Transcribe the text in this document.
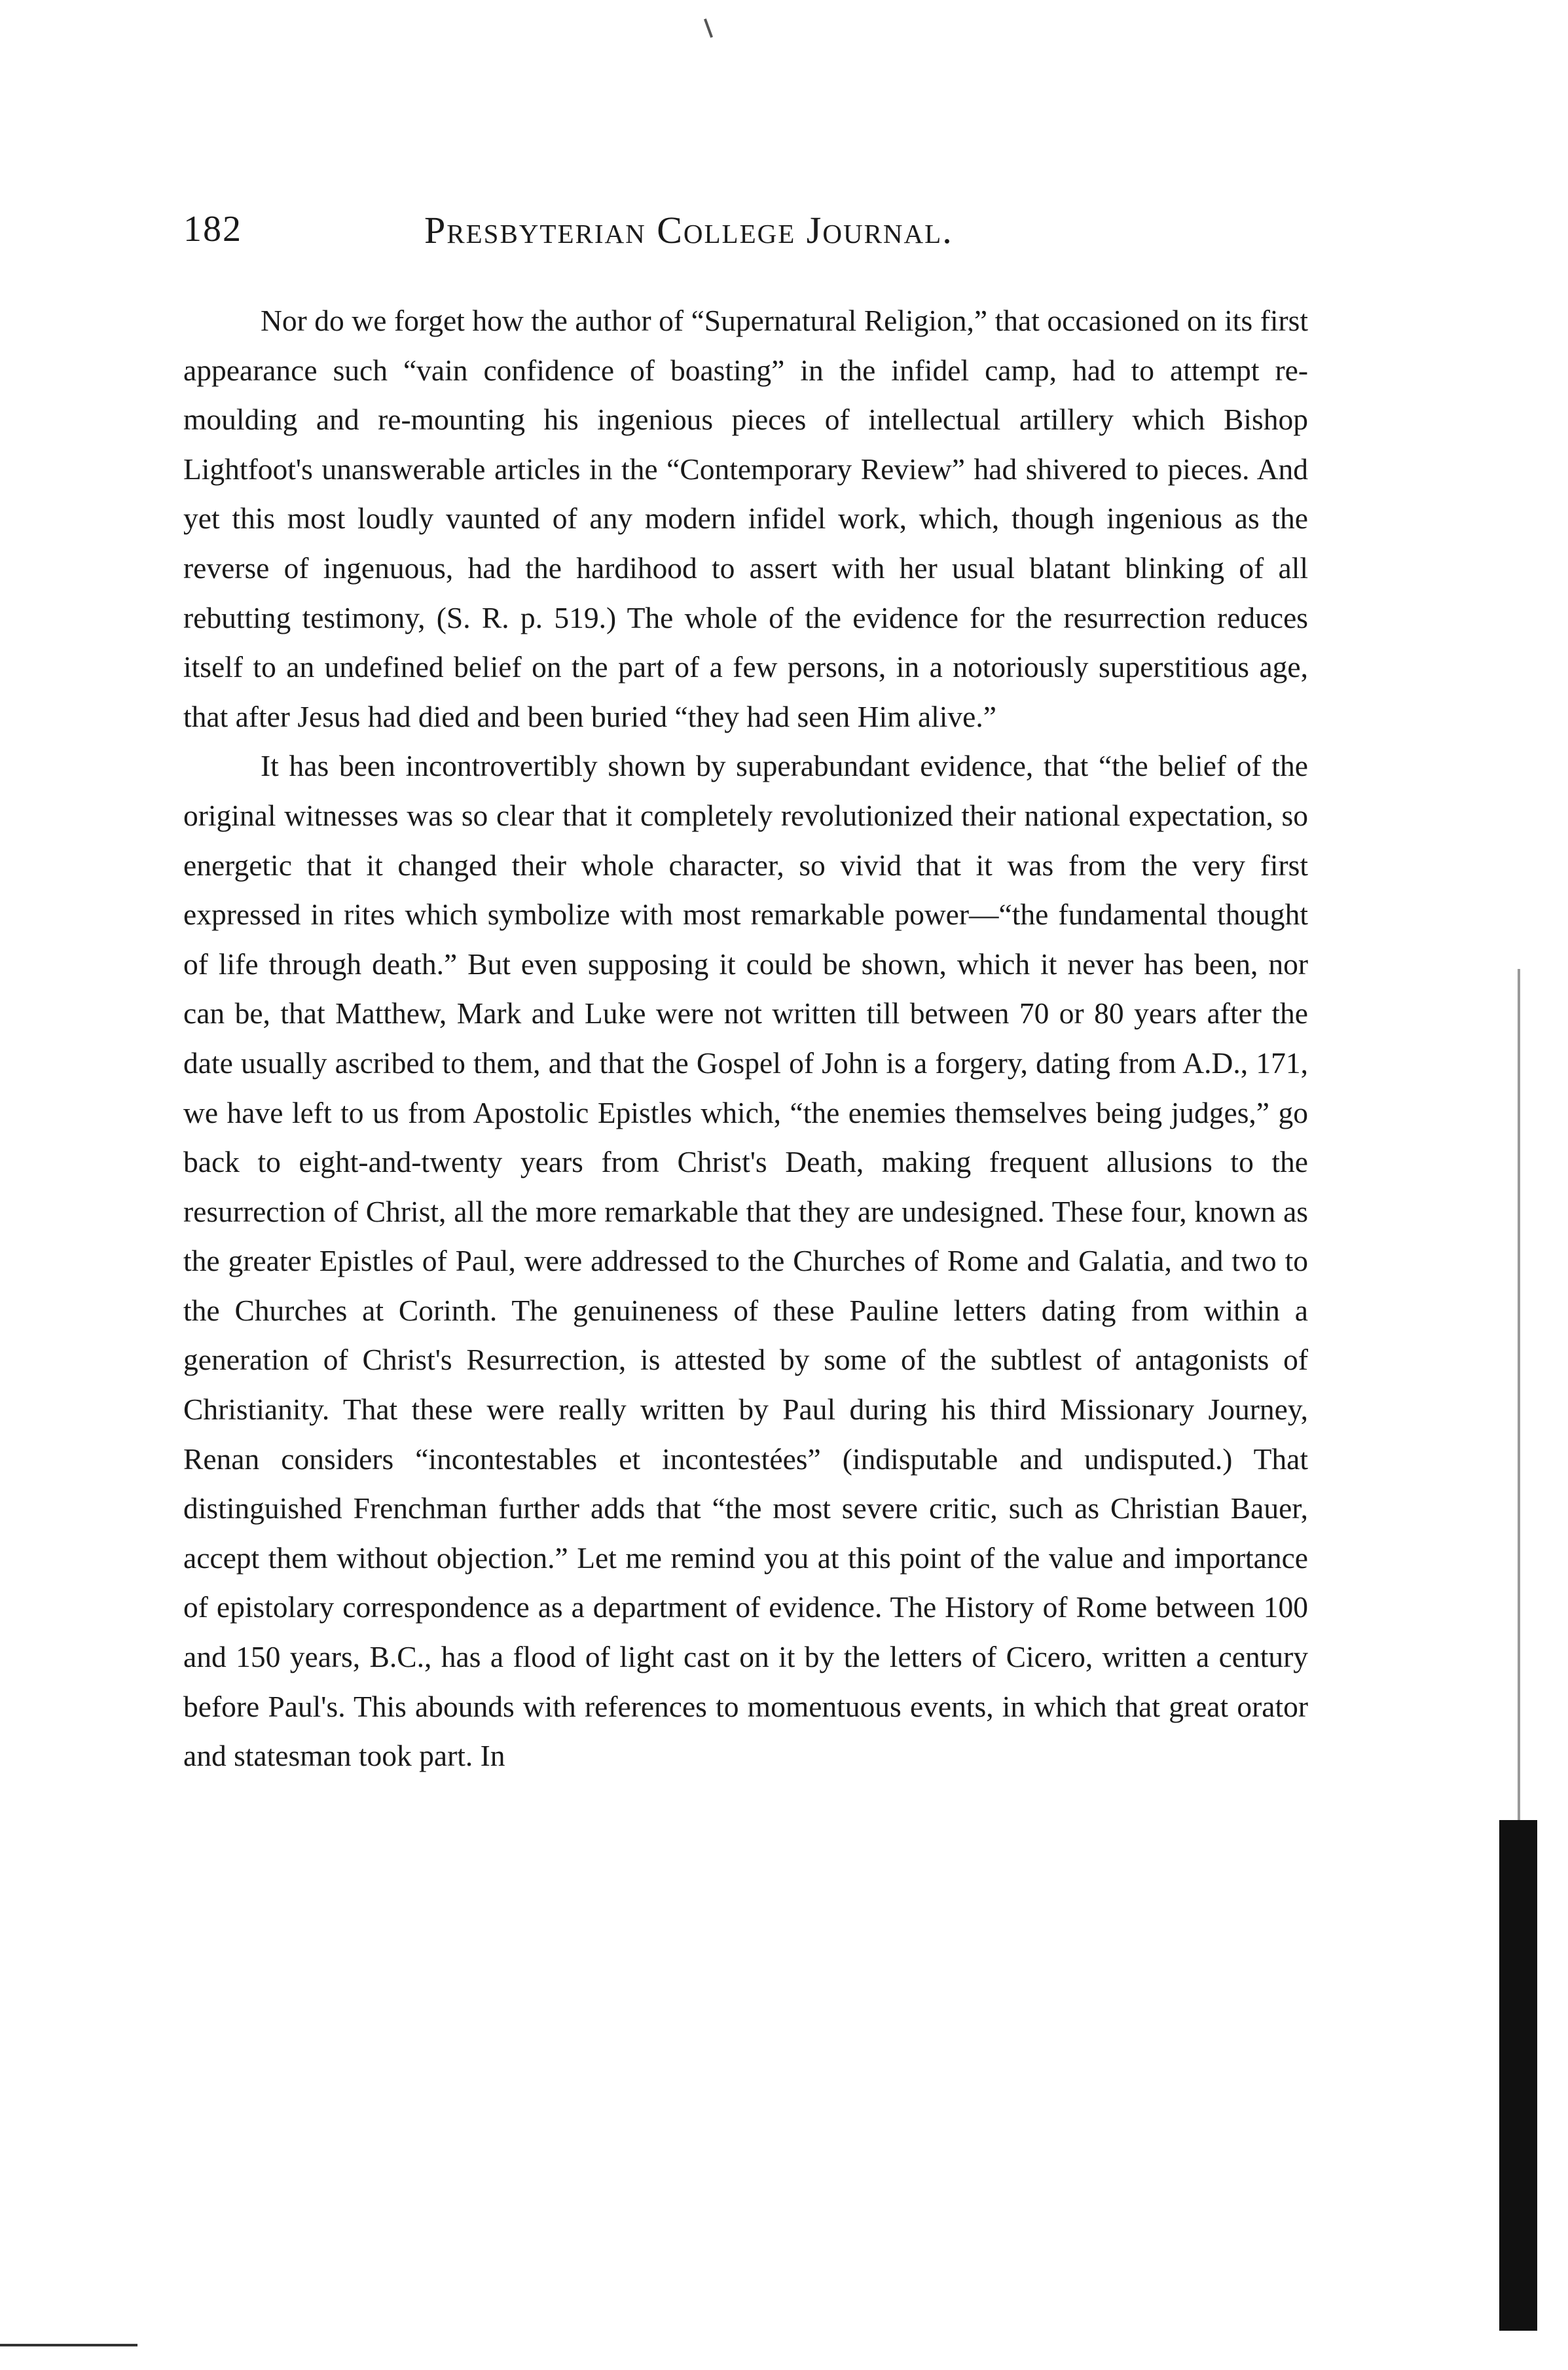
182	Presbyterian College Journal.

Nor do we forget how the author of “Supernatural Religion,” that occasioned on its first appearance such “vain confidence of boasting” in the infidel camp, had to attempt re-moulding and re-mounting his ingenious pieces of intellectual artillery which Bishop Lightfoot's unanswerable articles in the “Contemporary Review” had shivered to pieces. And yet this most loudly vaunted of any modern infidel work, which, though ingenious as the reverse of ingenuous, had the hardihood to assert with her usual blatant blinking of all rebutting testimony, (S. R. p. 519.) The whole of the evidence for the resurrection reduces itself to an undefined belief on the part of a few persons, in a notoriously superstitious age, that after Jesus had died and been buried “they had seen Him alive.”

It has been incontrovertibly shown by superabundant evidence, that “the belief of the original witnesses was so clear that it completely revolutionized their national expectation, so energetic that it changed their whole character, so vivid that it was from the very first expressed in rites which symbolize with most remarkable power—“the fundamental thought of life through death.” But even supposing it could be shown, which it never has been, nor can be, that Matthew, Mark and Luke were not written till between 70 or 80 years after the date usually ascribed to them, and that the Gospel of John is a forgery, dating from A.D., 171, we have left to us from Apostolic Epistles which, “the enemies themselves being judges,” go back to eight-and-twenty years from Christ's Death, making frequent allusions to the resurrection of Christ, all the more remarkable that they are undesigned. These four, known as the greater Epistles of Paul, were addressed to the Churches of Rome and Galatia, and two to the Churches at Corinth. The genuineness of these Pauline letters dating from within a generation of Christ's Resurrection, is attested by some of the subtlest of antagonists of Christianity. That these were really written by Paul during his third Missionary Journey, Renan considers “incontestables et incontestées” (indisputable and undisputed.) That distinguished Frenchman further adds that “the most severe critic, such as Christian Bauer, accept them without objection.” Let me remind you at this point of the value and importance of epistolary correspondence as a department of evidence. The History of Rome between 100 and 150 years, B.C., has a flood of light cast on it by the letters of Cicero, written a century before Paul's. This abounds with references to momentuous events, in which that great orator and statesman took part. In
